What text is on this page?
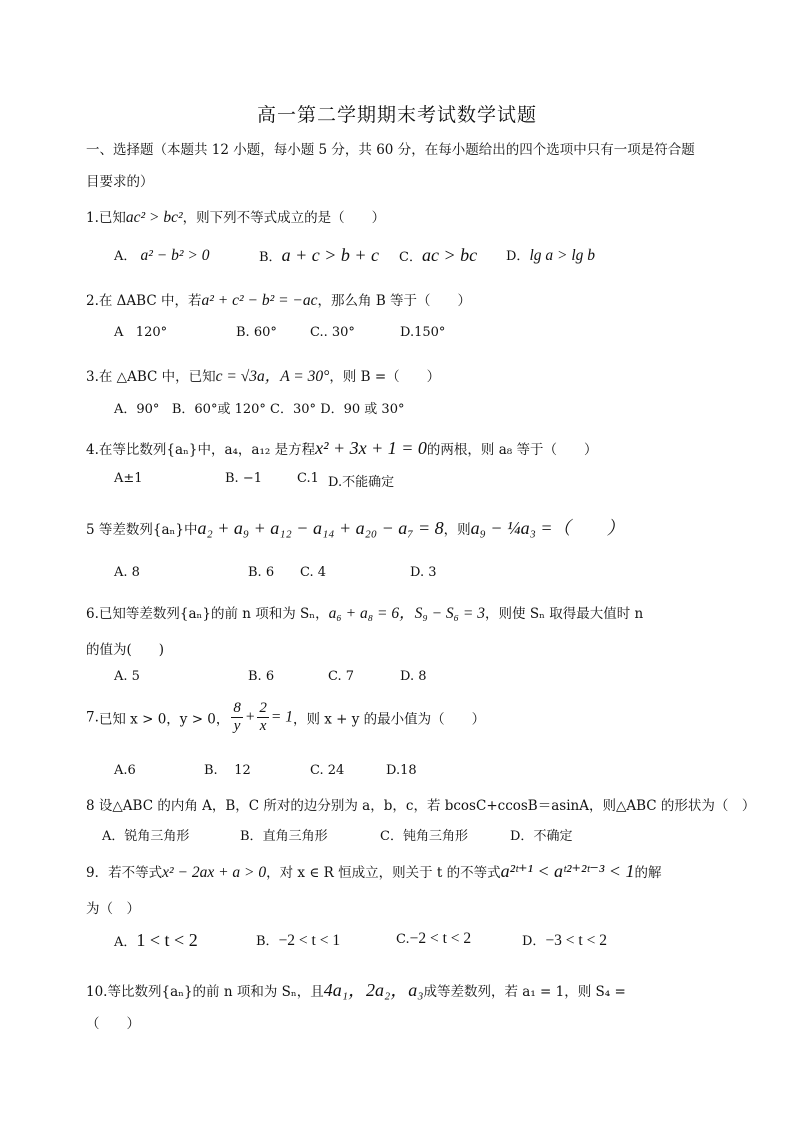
高一第二学期期末考试数学试题
一、选择题（本题共 12 小题，每小题 5 分，共 60 分，在每小题给出的四个选项中只有一项是符合题
目要求的）
1.已知ac² > bc²，则下列不等式成立的是（　　）
A． a² − b² > 0	B．a + c > b + c C．ac > bc D．lg a > lg b
2.在 ΔABC 中，若a² + c² − b² = −ac，那么角 B 等于（　　）
A 120°	B. 60°	C.. 30°	D.150°
3.在 △ABC 中，已知c = √3a，A = 30°，则 B =（　　）
A．90° B．60°或 120° C．30° D．90 或 30°
4.在等比数列{aₙ}中，a₄，a₁₂ 是方程x² + 3x + 1 = 0的两根，则 a₈ 等于（　　）
A±1	B. −1	C.1 D.不能确定
5 等差数列{aₙ}中a₂ + a₉ + a₁₂ − a₁₄ + a₂₀ − a₇ = 8，则a₉ − ¼a₃ =（　　）
A. 8	B. 6 C. 4	D. 3
6.已知等差数列{aₙ}的前 n 项和为 Sₙ，a₆ + a₈ = 6，S₉ − S₆ = 3，则使 Sₙ 取得最大值时 n
的值为(　　)
A. 5	B. 6	C. 7	D. 8
7.已知 x > 0，y > 0， $\frac{8}{y} + \frac{2}{x} = 1$，则 x + y 的最小值为（　　）
A.6	B. 12	C. 24	D.18
8 设△ABC 的内角 A，B，C 所对的边分别为 a，b，c，若 bcosC+ccosB＝asinA，则△ABC 的形状为（　）
A．锐角三角形	B．直角三角形	C．钝角三角形	D．不确定
9．若不等式x² − 2ax + a > 0，对 x ∈ R 恒成立，则关于 t 的不等式a²ᵗ⁺¹ < aᵗ²⁺²ᵗ⁻³ < 1的解
为（　）
A．1 < t < 2	B．−2 < t < 1	C.−2 < t < 2	D．−3 < t < 2
10.等比数列{aₙ}的前 n 项和为 Sₙ，且4a₁，2a₂，a₃成等差数列，若 a₁ = 1，则 S₄ =
（　　）
